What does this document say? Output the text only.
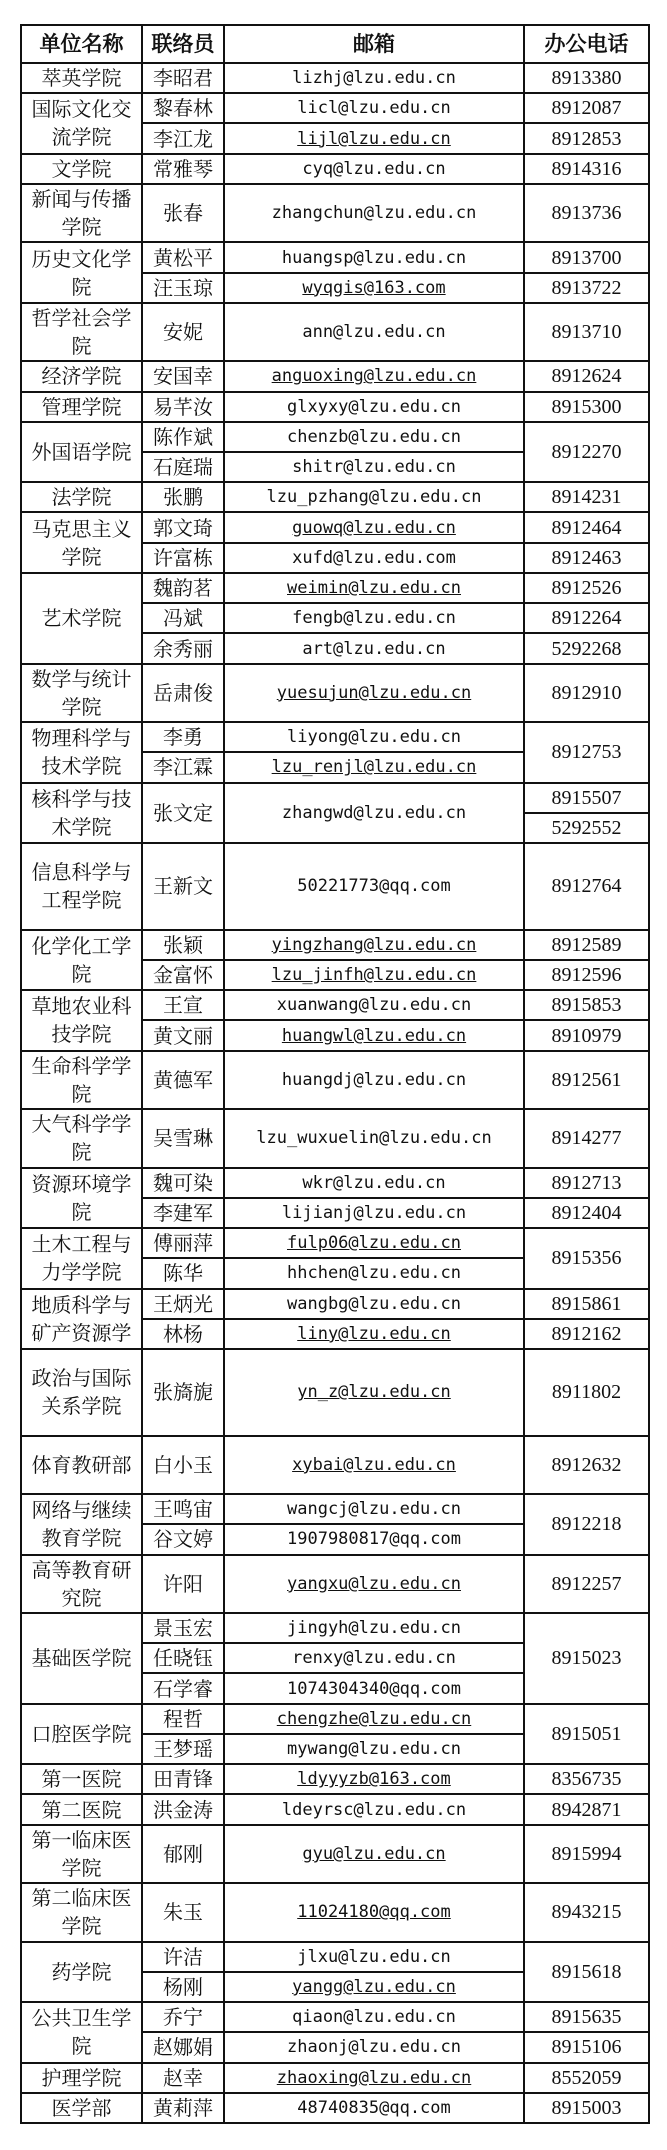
单位名称	联络员	邮箱	办公电话
萃英学院	李昭君	lizhj@lzu.edu.cn	8913380
国际文化交流学院	黎春林	licl@lzu.edu.cn	8912087
	李江龙	lijl@lzu.edu.cn	8912853
文学院	常雅琴	cyq@lzu.edu.cn	8914316
新闻与传播学院	张春	zhangchun@lzu.edu.cn	8913736
历史文化学院	黄松平	huangsp@lzu.edu.cn	8913700
	汪玉琼	wyqgis@163.com	8913722
哲学社会学院	安妮	ann@lzu.edu.cn	8913710
经济学院	安国幸	anguoxing@lzu.edu.cn	8912624
管理学院	易芊汝	glxyxy@lzu.edu.cn	8915300
外国语学院	陈作斌	chenzb@lzu.edu.cn	8912270
	石庭瑞	shitr@lzu.edu.cn	
法学院	张鹏	lzu_pzhang@lzu.edu.cn	8914231
马克思主义学院	郭文琦	guowq@lzu.edu.cn	8912464
	许富栋	xufd@lzu.edu.com	8912463
艺术学院	魏韵茗	weimin@lzu.edu.cn	8912526
	冯斌	fengb@lzu.edu.cn	8912264
	余秀丽	art@lzu.edu.cn	5292268
数学与统计学院	岳肃俊	yuesujun@lzu.edu.cn	8912910
物理科学与技术学院	李勇	liyong@lzu.edu.cn	8912753
	李江霖	lzu_renjl@lzu.edu.cn	
核科学与技术学院	张文定	zhangwd@lzu.edu.cn	8915507
			5292552
信息科学与工程学院	王新文	50221773@qq.com	8912764
化学化工学院	张颖	yingzhang@lzu.edu.cn	8912589
	金富怀	lzu_jinfh@lzu.edu.cn	8912596
草地农业科技学院	王宣	xuanwang@lzu.edu.cn	8915853
	黄文丽	huangwl@lzu.edu.cn	8910979
生命科学学院	黄德军	huangdj@lzu.edu.cn	8912561
大气科学学院	吴雪琳	lzu_wuxuelin@lzu.edu.cn	8914277
资源环境学院	魏可染	wkr@lzu.edu.cn	8912713
	李建军	lijianj@lzu.edu.cn	8912404
土木工程与力学学院	傅丽萍	fulp06@lzu.edu.cn	8915356
	陈华	hhchen@lzu.edu.cn	
地质科学与矿产资源学	王炳光	wangbg@lzu.edu.cn	8915861
	林杨	liny@lzu.edu.cn	8912162
政治与国际关系学院	张旖旎	yn_z@lzu.edu.cn	8911802
体育教研部	白小玉	xybai@lzu.edu.cn	8912632
网络与继续教育学院	王鸣宙	wangcj@lzu.edu.cn	8912218
	谷文婷	1907980817@qq.com	
高等教育研究院	许阳	yangxu@lzu.edu.cn	8912257
基础医学院	景玉宏	jingyh@lzu.edu.cn	8915023
	任晓钰	renxy@lzu.edu.cn	
	石学睿	1074304340@qq.com	
口腔医学院	程哲	chengzhe@lzu.edu.cn	8915051
	王梦瑶	mywang@lzu.edu.cn	
第一医院	田青锋	ldyyyzb@163.com	8356735
第二医院	洪金涛	ldeyrsc@lzu.edu.cn	8942871
第一临床医学院	郁刚	gyu@lzu.edu.cn	8915994
第二临床医学院	朱玉	11024180@qq.com	8943215
药学院	许洁	jlxu@lzu.edu.cn	8915618
	杨刚	yangg@lzu.edu.cn	
公共卫生学院	乔宁	qiaon@lzu.edu.cn	8915635
	赵娜娟	zhaonj@lzu.edu.cn	8915106
护理学院	赵幸	zhaoxing@lzu.edu.cn	8552059
医学部	黄莉萍	48740835@qq.com	8915003
